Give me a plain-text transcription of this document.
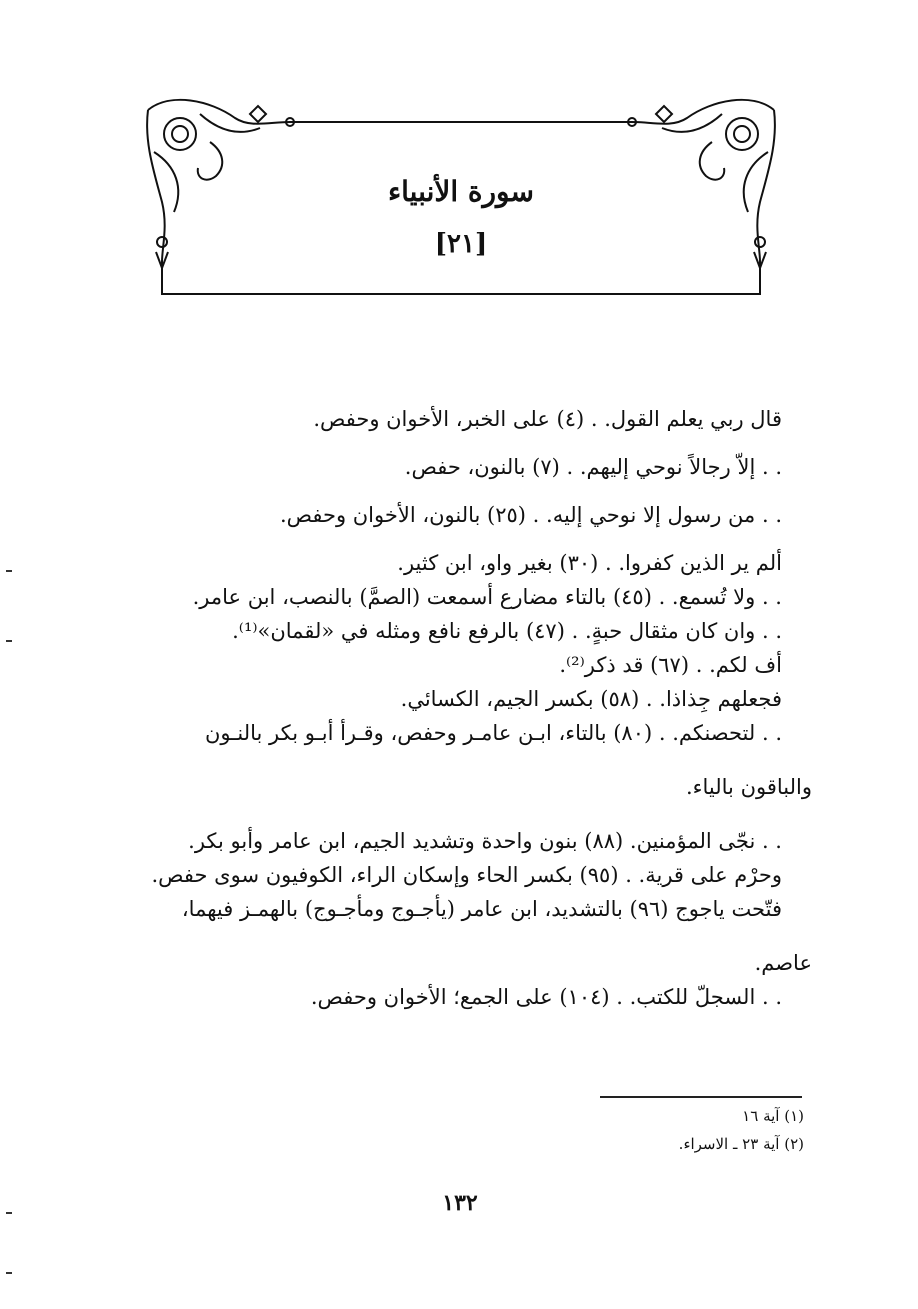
سورة الأنبياء
[٢١]
قال ربي يعلم القول. . (٤) على الخبر، الأخوان وحفص.
. . إلاّ رجالاً نوحي إليهم. . (٧) بالنون، حفص.
. . من رسول إلا نوحي إليه. . (٢٥) بالنون، الأخوان وحفص.
ألم ير الذين كفروا. . (٣٠) بغير واو، ابن كثير.
. . ولا تُسمع. . (٤٥) بالتاء مضارع أسمعت (الصمَّ) بالنصب، ابن عامر.
. . وان كان مثقال حبةٍ. . (٤٧) بالرفع نافع ومثله في «لقمان»⁽¹⁾.
أف لكم. . (٦٧) قد ذكر⁽²⁾.
فجعلهم جِذاذا. . (٥٨) بكسر الجيم، الكسائي.
. . لتحصنكم. . (٨٠) بالتاء، ابـن عامـر وحفص، وقـرأ أبـو بكر بالنـون
والباقون بالياء.
. . نجّى المؤمنين. (٨٨) بنون واحدة وتشديد الجيم، ابن عامر وأبو بكر.
وحرْم على قرية. . (٩٥) بكسر الحاء وإسكان الراء، الكوفيون سوى حفص.
فتّحت ياجوج (٩٦) بالتشديد، ابن عامر (يأجـوج ومأجـوج) بالهمـز فيهما،
عاصم.
. . السجلّ للكتب. . (١٠٤) على الجمع؛ الأخوان وحفص.
(١) آية ١٦
(٢) آية ٢٣ ـ الاسراء.
١٣٢
